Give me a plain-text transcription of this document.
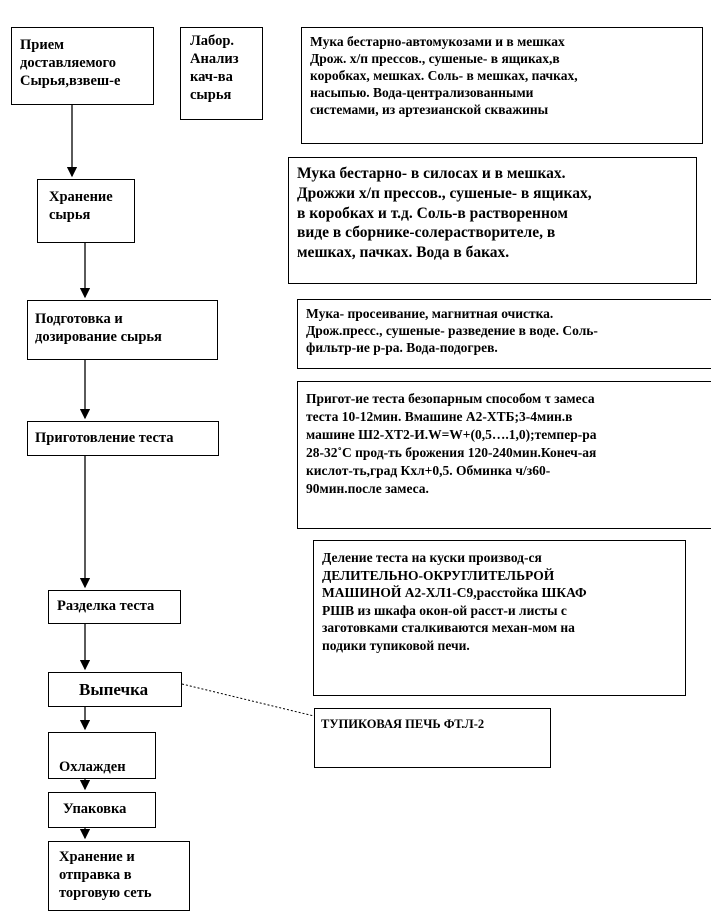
Прием
доставляемого
Сырья,взвеш-е
Лабор.
Анализ
кач-ва
сырья
Хранение
сырья
Подготовка и
дозирование сырья
Приготовление теста
Разделка теста
Выпечка
Охлажден
Упаковка
Хранение и
отправка в
торговую сеть
Мука бестарно-автомукозами и в мешках
Дрож. х/п прессов., сушеные- в ящиках,в
коробках, мешках. Соль- в мешках, пачках,
насыпью. Вода-централизованными
системами, из артезианской скважины
Мука бестарно- в силосах и в мешках.
Дрожжи х/п прессов., сушеные- в ящиках,
в коробках и т.д. Соль-в растворенном
виде в сборнике-солерастворителе, в
мешках, пачках. Вода в баках.
Мука- просеивание, магнитная очистка.
Дрож.пресс., сушеные- разведение в воде. Соль-
фильтр-ие р-ра. Вода-подогрев.
Пригот-ие теста безопарным способом τ замеса
теста 10-12мин. Вмашине А2-ХТБ;3-4мин.в
машине Ш2-ХТ2-И.W=W+(0,5….1,0);темпер-ра
28-32˚С прод-ть брожения 120-240мин.Конеч-ая
кислот-ть,град Кхл+0,5. Обминка ч/з60-
90мин.после замеса.
Деление теста на куски производ-ся
ДЕЛИТЕЛЬНО-ОКРУГЛИТЕЛЬРОЙ
МАШИНОЙ А2-ХЛ1-С9,расстойка ШКАФ
РШВ из шкафа окон-ой расст-и листы с
заготовками сталкиваются механ-мом на
подики тупиковой печи.
ТУПИКОВАЯ ПЕЧЬ ФТ.Л-2
